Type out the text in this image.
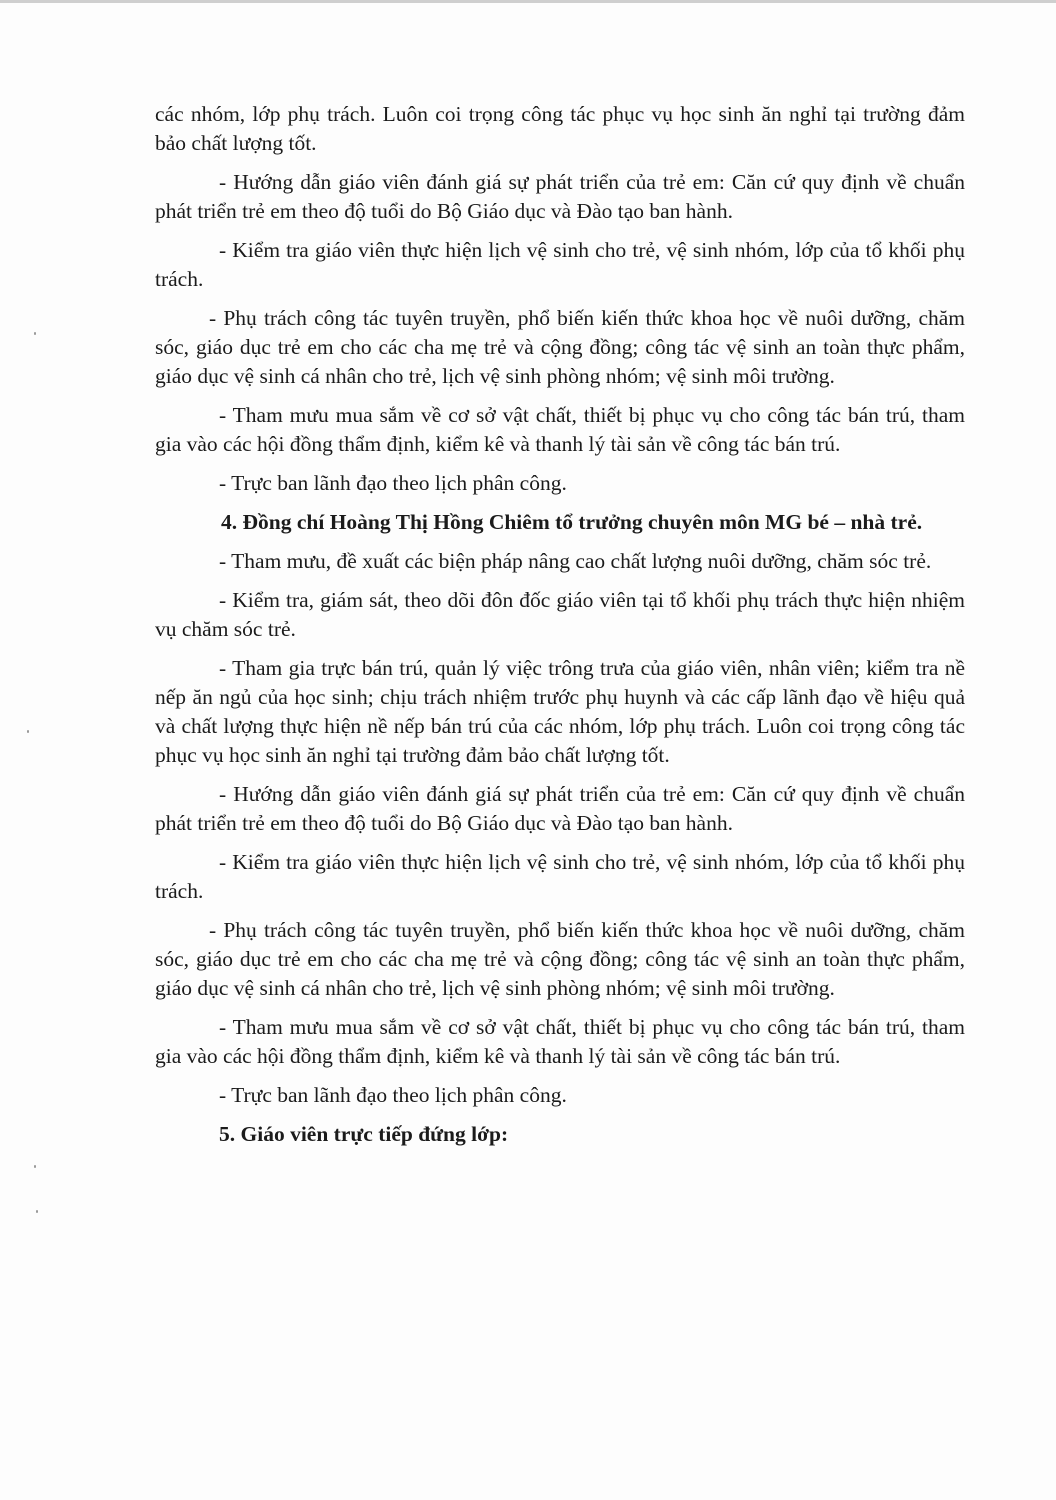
các nhóm, lớp phụ trách. Luôn coi trọng công tác phục vụ học sinh ăn nghỉ tại trường đảm bảo chất lượng tốt.

- Hướng dẫn giáo viên đánh giá sự phát triển của trẻ em: Căn cứ quy định về chuẩn phát triển trẻ em theo độ tuổi do Bộ Giáo dục và Đào tạo ban hành.

- Kiểm tra giáo viên thực hiện lịch vệ sinh cho trẻ, vệ sinh nhóm, lớp của tổ khối phụ trách.

- Phụ trách công tác tuyên truyền, phổ biến kiến thức khoa học về nuôi dưỡng, chăm sóc, giáo dục trẻ em cho các cha mẹ trẻ và cộng đồng; công tác vệ sinh an toàn thực phẩm, giáo dục vệ sinh cá nhân cho trẻ, lịch vệ sinh phòng nhóm; vệ sinh môi trường.

- Tham mưu mua sắm về cơ sở vật chất, thiết bị phục vụ cho công tác bán trú, tham gia vào các hội đồng thẩm định, kiểm kê và thanh lý tài sản về công tác bán trú.

- Trực ban lãnh đạo theo lịch phân công.

4. Đồng chí Hoàng Thị Hồng Chiêm tổ trưởng chuyên môn MG bé – nhà trẻ.

- Tham mưu, đề xuất các biện pháp nâng cao chất lượng nuôi dưỡng, chăm sóc trẻ.

- Kiểm tra, giám sát, theo dõi đôn đốc giáo viên tại tổ khối phụ trách thực hiện nhiệm vụ chăm sóc trẻ.

- Tham gia trực bán trú, quản lý việc trông trưa của giáo viên, nhân viên; kiểm tra nề nếp ăn ngủ của học sinh; chịu trách nhiệm trước phụ huynh và các cấp lãnh đạo về hiệu quả và chất lượng thực hiện nề nếp bán trú của các nhóm, lớp phụ trách. Luôn coi trọng công tác phục vụ học sinh ăn nghỉ tại trường đảm bảo chất lượng tốt.

- Hướng dẫn giáo viên đánh giá sự phát triển của trẻ em: Căn cứ quy định về chuẩn phát triển trẻ em theo độ tuổi do Bộ Giáo dục và Đào tạo ban hành.

- Kiểm tra giáo viên thực hiện lịch vệ sinh cho trẻ, vệ sinh nhóm, lớp của tổ khối phụ trách.

- Phụ trách công tác tuyên truyền, phổ biến kiến thức khoa học về nuôi dưỡng, chăm sóc, giáo dục trẻ em cho các cha mẹ trẻ và cộng đồng; công tác vệ sinh an toàn thực phẩm, giáo dục vệ sinh cá nhân cho trẻ, lịch vệ sinh phòng nhóm; vệ sinh môi trường.

- Tham mưu mua sắm về cơ sở vật chất, thiết bị phục vụ cho công tác bán trú, tham gia vào các hội đồng thẩm định, kiểm kê và thanh lý tài sản về công tác bán trú.

- Trực ban lãnh đạo theo lịch phân công.

5. Giáo viên trực tiếp đứng lớp:
